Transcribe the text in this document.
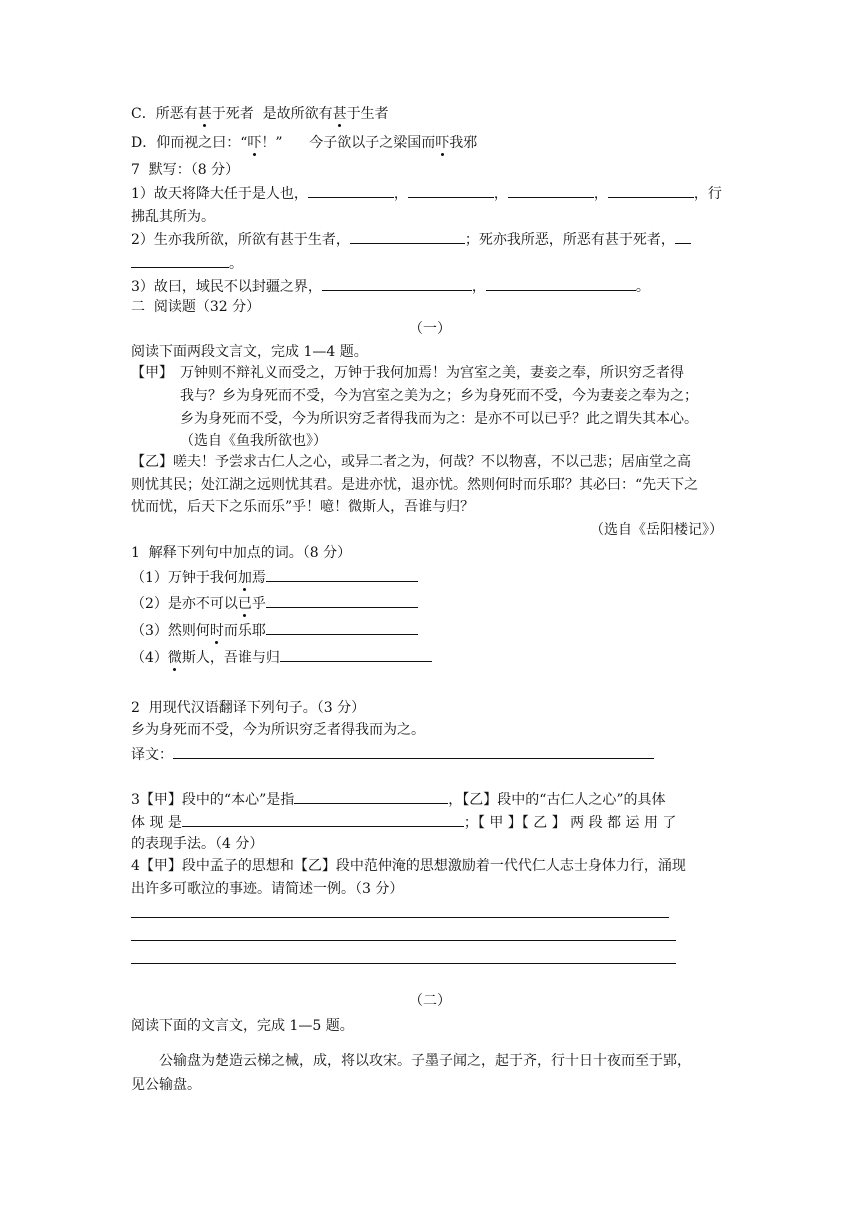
C．所恶有甚于死者  是故所欲有甚于生者
D．仰而视之曰：“吓！”      今子欲以子之梁国而吓我邪
7  默写：（8 分）
1）故天将降大任于是人也，	，	，	，	，行
拂乱其所为。
2）生亦我所欲，所欲有甚于生者，	；死亦我所恶，所恶有甚于死者，
。
3）故曰，域民不以封疆之界，	，	。
二  阅读题（32 分）
（一）
阅读下面两段文言文，完成 1—4 题。
【甲】 万钟则不辩礼义而受之，万钟于我何加焉！为宫室之美，妻妾之奉，所识穷乏者得
我与？乡为身死而不受，今为宫室之美为之；乡为身死而不受，今为妻妾之奉为之；
乡为身死而不受，今为所识穷乏者得我而为之：是亦不可以已乎？此之谓失其本心。
（选自《鱼我所欲也》）
【乙】嗟夫！予尝求古仁人之心，或异二者之为，何哉？不以物喜，不以己悲；居庙堂之高
则忧其民；处江湖之远则忧其君。是进亦忧，退亦忧。然则何时而乐耶？其必曰：“先天下之
忧而忧，后天下之乐而乐”乎！噫！微斯人，吾谁与归？
（选自《岳阳楼记》）
1  解释下列句中加点的词。（8 分）
（1）万钟于我何加焉
（2）是亦不可以已乎
（3）然则何时而乐耶
（4）微斯人，吾谁与归
2  用现代汉语翻译下列句子。（3 分）
乡为身死而不受，今为所识穷乏者得我而为之。
译文：
3【甲】段中的“本心”是指	，【乙】段中的“古仁人之心”的具体
体 现 是	；【 甲 】【 乙 】 两 段 都 运 用 了
的表现手法。（4 分）
4【甲】段中孟子的思想和【乙】段中范仲淹的思想激励着一代代仁人志士身体力行，涌现
出许多可歌泣的事迹。请简述一例。（3 分）
（二）
阅读下面的文言文，完成 1—5 题。
公输盘为楚造云梯之械，成，将以攻宋。子墨子闻之，起于齐，行十日十夜而至于郢，
见公输盘。
